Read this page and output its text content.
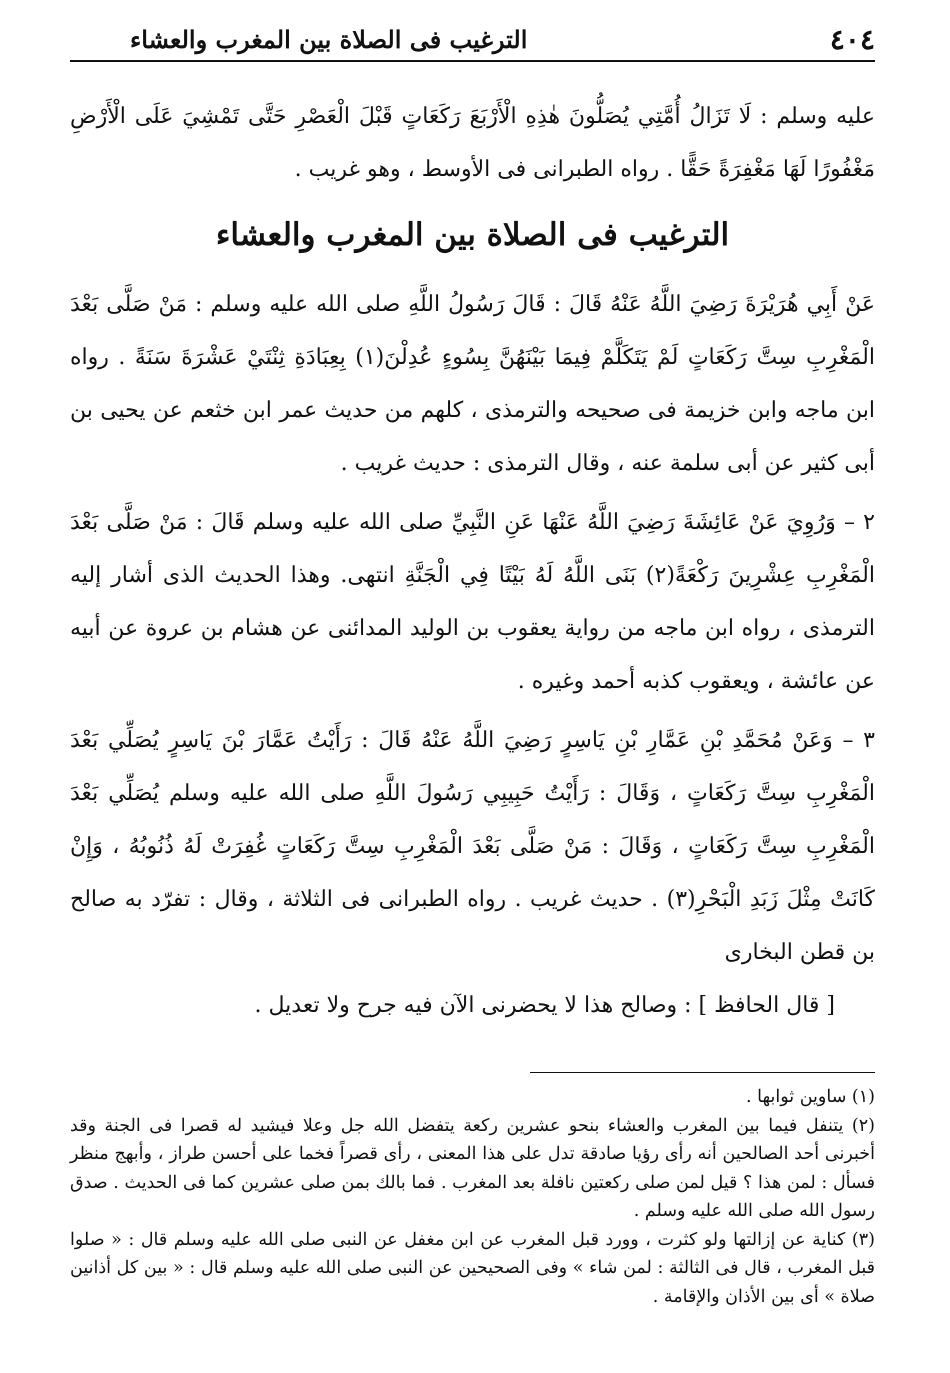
٤٠٤
الترغيب فى الصلاة بين المغرب والعشاء

عليه وسلم : لَا تَزَالُ أُمَّتِي يُصَلُّونَ هٰذِهِ الْأَرْبَعَ رَكَعَاتٍ قَبْلَ الْعَصْرِ حَتَّى تَمْشِيَ عَلَى الْأَرْضِ مَغْفُورًا لَهَا مَغْفِرَةً حَقًّا . رواه الطبرانى فى الأوسط ، وهو غريب .

الترغيب فى الصلاة بين المغرب والعشاء

عَنْ أَبِي هُرَيْرَةَ رَضِيَ اللَّهُ عَنْهُ قَالَ : قَالَ رَسُولُ اللَّهِ صلى الله عليه وسلم : مَنْ صَلَّى بَعْدَ الْمَغْرِبِ سِتَّ رَكَعَاتٍ لَمْ يَتَكَلَّمْ فِيمَا بَيْنَهُنَّ بِسُوءٍ عُدِلْنَ(١) بِعِبَادَةِ ثِنْتَيْ عَشْرَةَ سَنَةً . رواه ابن ماجه وابن خزيمة فى صحيحه والترمذى ، كلهم من حديث عمر ابن خثعم عن يحيى بن أبى كثير عن أبى سلمة عنه ، وقال الترمذى : حديث غريب .

٢ – وَرُوِيَ عَنْ عَائِشَةَ رَضِيَ اللَّهُ عَنْهَا عَنِ النَّبِيِّ صلى الله عليه وسلم قَالَ : مَنْ صَلَّى بَعْدَ الْمَغْرِبِ عِشْرِينَ رَكْعَةً(٢) بَنَى اللَّهُ لَهُ بَيْتًا فِي الْجَنَّةِ انتهى. وهذا الحديث الذى أشار إليه الترمذى ، رواه ابن ماجه من رواية يعقوب بن الوليد المدائنى عن هشام بن عروة عن أبيه عن عائشة ، ويعقوب كذبه أحمد وغيره .

٣ – وَعَنْ مُحَمَّدِ بْنِ عَمَّارِ بْنِ يَاسِرٍ رَضِيَ اللَّهُ عَنْهُ قَالَ : رَأَيْتُ عَمَّارَ بْنَ يَاسِرٍ يُصَلِّي بَعْدَ الْمَغْرِبِ سِتَّ رَكَعَاتٍ ، وَقَالَ : رَأَيْتُ حَبِيبِي رَسُولَ اللَّهِ صلى الله عليه وسلم يُصَلِّي بَعْدَ الْمَغْرِبِ سِتَّ رَكَعَاتٍ ، وَقَالَ : مَنْ صَلَّى بَعْدَ الْمَغْرِبِ سِتَّ رَكَعَاتٍ غُفِرَتْ لَهُ ذُنُوبُهُ ، وَإِنْ كَانَتْ مِثْلَ زَبَدِ الْبَحْرِ(٣) . حديث غريب . رواه الطبرانى فى الثلاثة ، وقال : تفرّد به صالح بن قطن البخارى

[ قال الحافظ ] : وصالح هذا لا يحضرنى الآن فيه جرح ولا تعديل .

(١) ساوين ثوابها .

(٢) يتنفل فيما بين المغرب والعشاء بنحو عشرين ركعة يتفضل الله جل وعلا فيشيد له قصرا فى الجنة وقد أخبرنى أحد الصالحين أنه رأى رؤيا صادقة تدل على هذا المعنى ، رأى قصراً فخما على أحسن طراز ، وأبهج منظر فسأل : لمن هذا ؟ قيل لمن صلى ركعتين نافلة بعد المغرب . فما بالك بمن صلى عشرين كما فى الحديث . صدق رسول الله صلى الله عليه وسلم .

(٣) كناية عن إزالتها ولو كثرت ، وورد قبل المغرب عن ابن مغفل عن النبى صلى الله عليه وسلم قال : « صلوا قبل المغرب ، قال فى الثالثة : لمن شاء » وفى الصحيحين عن النبى صلى الله عليه وسلم قال : « بين كل أذانين صلاة » أى بين الأذان والإقامة .
